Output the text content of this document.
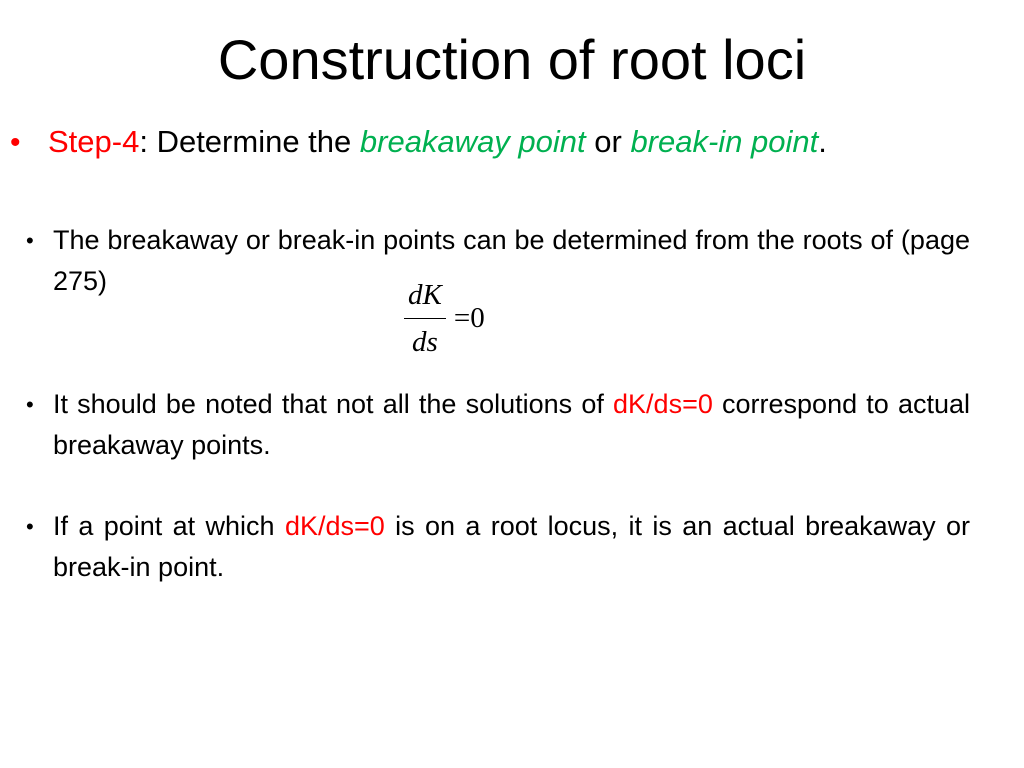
Construction of root loci
• Step-4: Determine the breakaway point or break-in point.
• The breakaway or break-in points can be determined from the roots of (page 275)	$\frac{dK}{ds} =0$
• It should be noted that not all the solutions of dK/ds=0 correspond to actual breakaway points.
• If a point at which dK/ds=0 is on a root locus, it is an actual breakaway or break-in point.
